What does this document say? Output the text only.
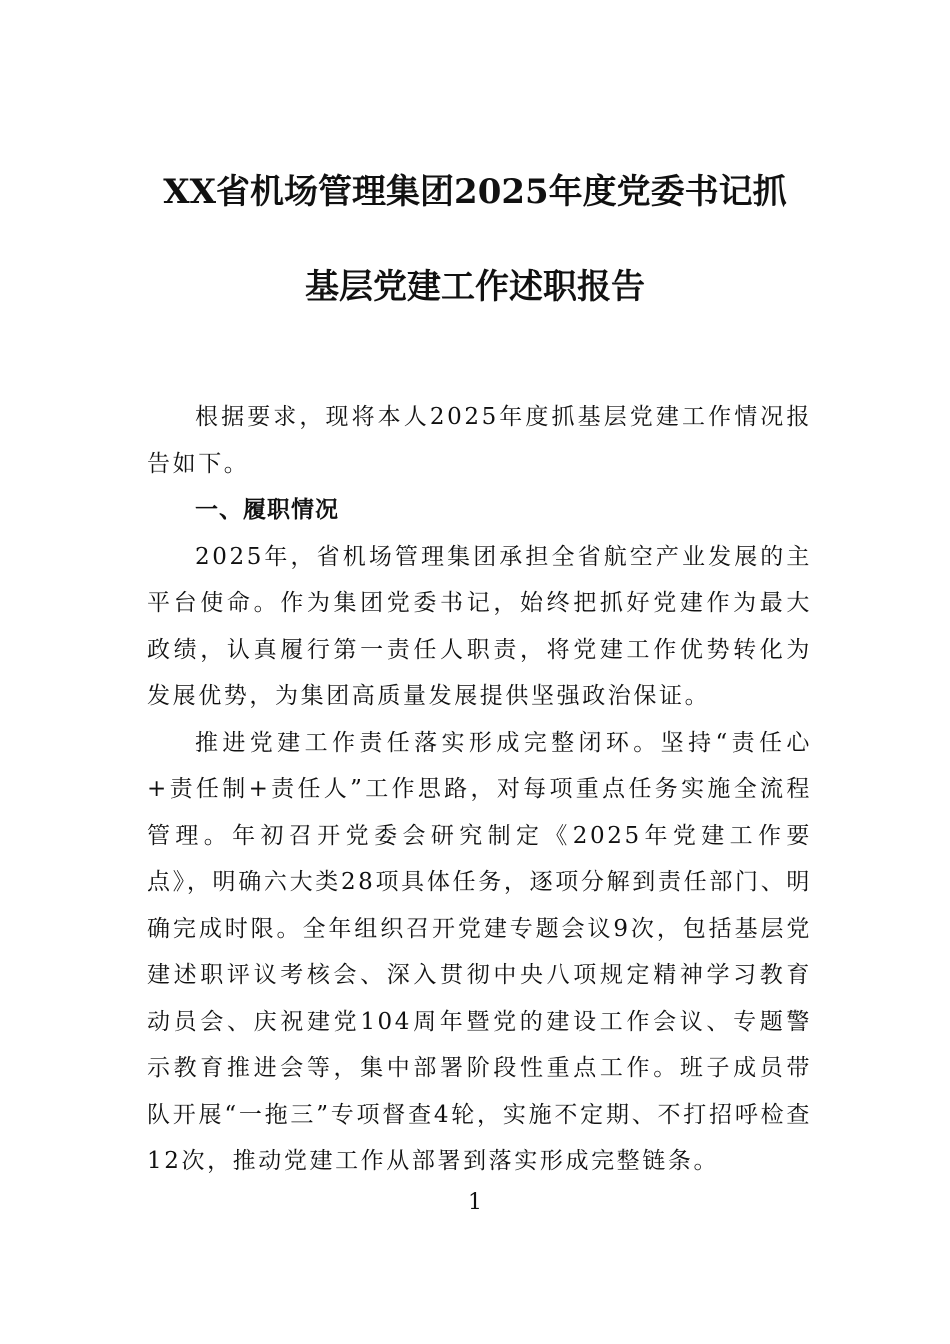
XX省机场管理集团2025年度党委书记抓
基层党建工作述职报告

根据要求，现将本人2025年度抓基层党建工作情况报告如下。

一、履职情况

2025年，省机场管理集团承担全省航空产业发展的主平台使命。作为集团党委书记，始终把抓好党建作为最大政绩，认真履行第一责任人职责，将党建工作优势转化为发展优势，为集团高质量发展提供坚强政治保证。

推进党建工作责任落实形成完整闭环。坚持“责任心+责任制+责任人”工作思路，对每项重点任务实施全流程管理。年初召开党委会研究制定《2025年党建工作要点》，明确六大类28项具体任务，逐项分解到责任部门、明确完成时限。全年组织召开党建专题会议9次，包括基层党建述职评议考核会、深入贯彻中央八项规定精神学习教育动员会、庆祝建党104周年暨党的建设工作会议、专题警示教育推进会等，集中部署阶段性重点工作。班子成员带队开展“一拖三”专项督查4轮，实施不定期、不打招呼检查12次，推动党建工作从部署到落实形成完整链条。

1
